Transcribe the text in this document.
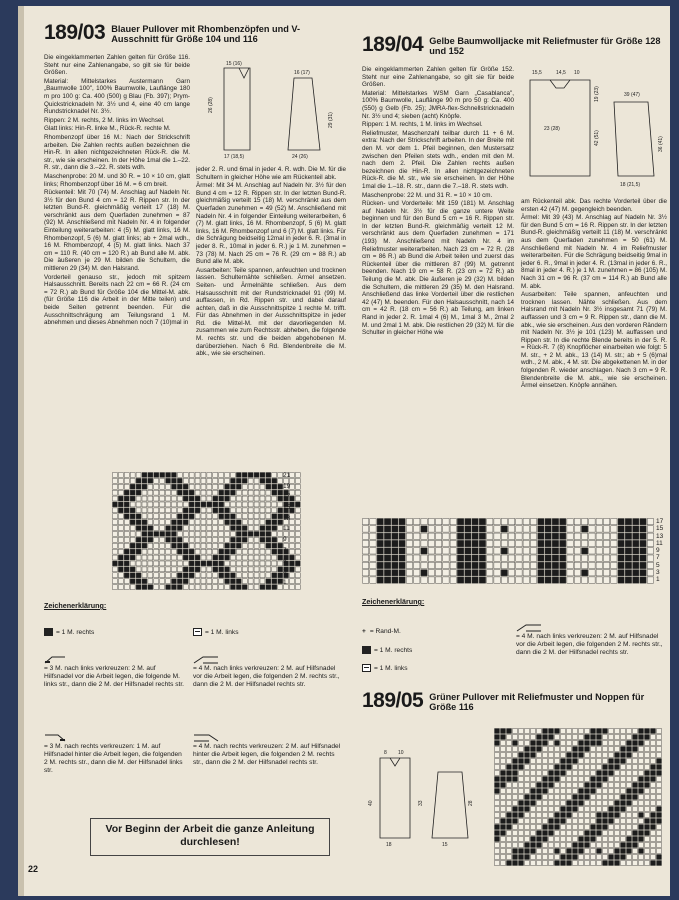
189/03 Blauer Pullover mit Rhombenzöpfen und V-Ausschnitt für Größe 104 und 116

Die eingeklammerten Zahlen gelten für Größe 116. Steht nur eine Zahlenangabe, so gilt sie für beide Größen.

Material: Mittelstarkes Austermann Garn „Baumwolle 100", 100% Baumwolle, Lauflänge 180 m pro 100 g: Ca. 400 (500) g Blau (Fb. 397); Prym-Quickstricknadeln Nr. 3½ und 4, eine 40 cm lange Rundstricknadel Nr. 3½.

Rippen: 2 M. rechts, 2 M. links im Wechsel.

Glatt links: Hin-R. linke M., Rück-R. rechte M.

Rhombenzopf über 16 M.: Nach der Strickschrift arbeiten. Die Zahlen rechts außen bezeichnen die Hin-R. In allen nichtgezeichneten Rück-R. die M. str., wie sie erscheinen. In der Höhe 1mal die 1.–22. R. str., dann die 3.–22. R. stets wdh.

Maschenprobe: 20 M. und 30 R. = 10 × 10 cm, glatt links; Rhombenzopf über 16 M. = 6 cm breit.

Rückenteil: Mit 70 (74) M. Anschlag auf Nadeln Nr. 3½ für den Bund 4 cm = 12 R. Rippen str. In der letzten Bund-R. gleichmäßig verteilt 17 (18) M. verschränkt aus dem Querfaden zunehmen = 87 (92) M. Anschließend mit Nadeln Nr. 4 in folgender Einteilung weiterarbeiten: 4 (5) M. glatt links, 16 M. Rhombenzopf, 5 (6) M. glatt links; ab + 2mal wdh., 16 M. Rhombenzopf, 4 (5) M. glatt links. Nach 37 cm = 110 R. (40 cm = 120 R.) ab Bund alle M. abk. Die äußeren je 29 M. bilden die Schultern, die mittleren 29 (34) M. den Halsrand.

Vorderteil genauso str., jedoch mit spitzem Halsausschnitt. Bereits nach 22 cm = 66 R. (24 cm = 72 R.) ab Bund für Größe 104 die Mittel-M. abk. (für Größe 116 die Arbeit in der Mitte teilen) und beide Seiten getrennt beenden. Für die Ausschnittschrägung am Teilungsrand 1 M. abnehmen und dieses Abnehmen noch 7 (10)mal in

15 (16)
26 (28)
17 (18,5)
16 (17)
29 (31)
24 (26)

jeder 2. R. und 6mal in jeder 4. R. wdh. Die M. für die Schultern in gleicher Höhe wie am Rückenteil abk.

Ärmel: Mit 34 M. Anschlag auf Nadeln Nr. 3½ für den Bund 4 cm = 12 R. Rippen str. In der letzten Bund-R. gleichmäßig verteilt 15 (18) M. verschränkt aus dem Querfaden zunehmen = 49 (52) M. Anschließend mit Nadeln Nr. 4 in folgender Einteilung weiterarbeiten, 6 (7) M. glatt links, 16 M. Rhombenzopf, 5 (6) M. glatt links, 16 M. Rhombenzopf und 6 (7) M. glatt links. Für die Schrägung beidseitig 12mal in jeder 6. R. (3mal in jeder 8. R., 10mal in jeder 6. R.) je 1 M. zunehmen = 73 (78) M. Nach 25 cm = 76 R. (29 cm = 88 R.) ab Bund alle M. abk.

Ausarbeiten: Teile spannen, anfeuchten und trocknen lassen. Schulternähte schließen. Ärmel ansetzen. Seiten- und Ärmelnähte schließen. Aus dem Halsausschnitt mit der Rundstricknadel 91 (99) M. auffassen, in Rd. Rippen str. und dabei darauf achten, daß in die Ausschnittspitze 1 rechte M. trifft. Für das Abnehmen in der Ausschnittspitze in jeder Rd. die Mittel-M. mit der davorliegenden M. zusammen wie zum Rechtsstr. abheben, die folgende M. rechts str. und die beiden abgehobenen M. darüberziehen. Nach 6 Rd. Blendenbreite die M. abk., wie sie erscheinen.

21
19
17
15
13
11
9
7
5
3
1
Zeichenerklärung:
= 1 M. rechts	= 1 M. links
= 3 M. nach links verkreuzen: 2 M. auf Hilfsnadel vor die Arbeit legen, die folgende M. links str., dann die 2 M. der Hilfsnadel rechts str.
= 4 M. nach links verkreuzen: 2 M. auf Hilfsnadel vor die Arbeit legen, die folgenden 2 M. rechts str., dann die 2 M. der Hilfsnadel rechts str.
= 3 M. nach rechts verkreuzen: 1 M. auf Hilfsnadel hinter die Arbeit legen, die folgenden 2 M. rechts str., dann die M. der Hilfsnadel links str.
= 4 M. nach rechts verkreuzen: 2 M. auf Hilfsnadel hinter die Arbeit legen, die folgenden 2 M. rechts str., dann die 2 M. der Hilfsnadel rechts str.
Vor Beginn der Arbeit die ganze Anleitung durchlesen!
22
189/04 Gelbe Baumwolljacke mit Reliefmuster für Größe 128 und 152

Die eingeklammerten Zahlen gelten für Größe 152. Steht nur eine Zahlenangabe, so gilt sie für beide Größen.

Material: Mittelstarkes WSM Garn „Casablanca", 100% Baumwolle, Lauflänge 90 m pro 50 g: Ca. 400 (550) g Gelb (Fb. 25); JMRA-flex-Schnellstricknadeln Nr. 3½ und 4; sieben (acht) Knöpfe.

Rippen: 1 M. rechts, 1 M. links im Wechsel.

Reliefmuster, Maschenzahl teilbar durch 11 + 6 M. extra: Nach der Strickschrift arbeiten. In der Breite mit den M. vor dem 1. Pfeil beginnen, den Mustersatz zwischen den Pfeilen stets wdh., enden mit den M. nach dem 2. Pfeil. Die Zahlen rechts außen bezeichnen die Hin-R. In allen nichtgezeichneten Rück-R. die M. str., wie sie erscheinen. In der Höhe 1mal die 1.–18. R. str., dann die 7.–18. R. stets wdh.

Maschenprobe: 22 M. und 31 R. = 10 × 10 cm.

Rücken- und Vorderteile: Mit 159 (181) M. Anschlag auf Nadeln Nr. 3½ für die ganze untere Weite beginnen und für den Bund 5 cm = 16 R. Rippen str. In der letzten Bund-R. gleichmäßig verteilt 12 M. verschränkt aus dem Querfaden zunehmen = 171 (193) M. Anschließend mit Nadeln Nr. 4 im Reliefmuster weiterarbeiten. Nach 23 cm = 72 R. (28 cm = 86 R.) ab Bund die Arbeit teilen und zuerst das Rückenteil über die mittleren 87 (99) M. getrennt beenden. Nach 19 cm = 58 R. (23 cm = 72 R.) ab Teilung die M. abk. Die äußeren je 29 (32) M. bilden die Schultern, die mittleren 29 (35) M. den Halsrand. Anschließend das linke Vorderteil über die restlichen 42 (47) M. beenden. Für den Halsausschnitt, nach 14 cm = 42 R. (18 cm = 56 R.) ab Teilung, am linken Rand in jeder 2. R. 1mal 4 (6) M., 1mal 3 M., 2mal 2 M. und 2mal 1 M. abk. Die restlichen 29 (32) M. für die Schulter in gleicher Höhe wie

15,5	14,5 10
19 (23)
42 (51)
23 (28)
39 (47)
36 (41)
18 (21,5)

am Rückenteil abk. Das rechte Vorderteil über die ersten 42 (47) M. gegengleich beenden.

Ärmel: Mit 39 (43) M. Anschlag auf Nadeln Nr. 3½ für den Bund 5 cm = 16 R. Rippen str. In der letzten Bund-R. gleichmäßig verteilt 11 (18) M. verschränkt aus dem Querfaden zunehmen = 50 (61) M. Anschließend mit Nadeln Nr. 4 im Reliefmuster weiterarbeiten. Für die Schrägung beidseitig 9mal in jeder 6. R., 9mal in jeder 4. R. (13mal in jeder 6. R., 8mal in jeder 4. R.) je 1 M. zunehmen = 86 (105) M. Nach 31 cm = 96 R. (37 cm = 114 R.) ab Bund alle M. abk.

Ausarbeiten: Teile spannen, anfeuchten und trocknen lassen. Nähte schließen. Aus dem Halsrand mit Nadeln Nr. 3½ insgesamt 71 (79) M. auffassen und 3 cm = 9 R. Rippen str., dann die M. abk., wie sie erscheinen. Aus den vorderen Rändern mit Nadeln Nr. 3½ je 101 (123) M. auffassen und Rippen str. In die rechte Blende bereits in der 5. R. = Rück-R. 7 (8) Knopflöcher einarbeiten wie folgt: 5 M. str., + 2 M. abk., 13 (14) M. str.; ab + 5 (6)mal wdh., 2 M. abk., 4 M. str. Die abgekettenen M. in der folgenden R. wieder anschlagen. Nach 3 cm = 9 R. Blendenbreite die M. abk., wie sie erscheinen. Ärmel einsetzen. Knöpfe annähen.

17
15
13
11
9
7
5
3
1
Zeichenerklärung:
+ = Rand-M.
= 1 M. rechts
= 1 M. links
= 4 M. nach links verkreuzen: 2 M. auf Hilfsnadel vor die Arbeit legen, die folgenden 2 M. rechts str., dann die 2 M. der Hilfsnadel rechts str.
189/05 Grüner Pullover mit Reliefmuster und Noppen für Größe 116
8 10
40	33
18	15
28
